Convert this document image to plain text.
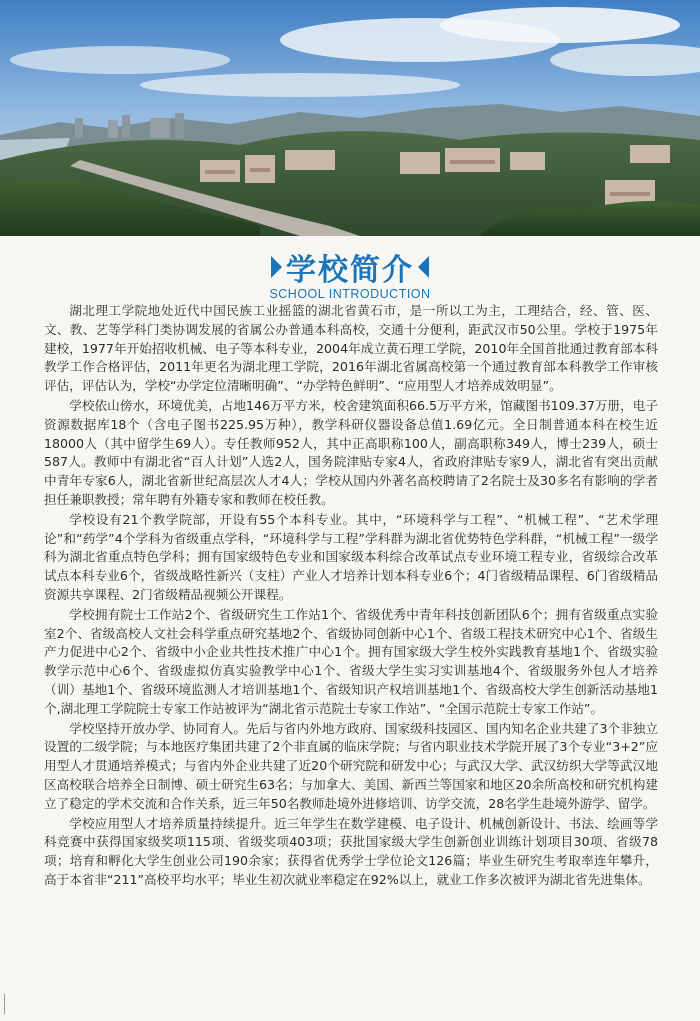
学校简介
SCHOOL INTRODUCTION

湖北理工学院地处近代中国民族工业摇篮的湖北省黄石市，是一所以工为主，工理结合，经、管、医、文、教、艺等学科门类协调发展的省属公办普通本科高校，交通十分便利，距武汉市50公里。学校于1975年建校，1977年开始招收机械、电子等本科专业，2004年成立黄石理工学院，2010年全国首批通过教育部本科教学工作合格评估，2011年更名为湖北理工学院，2016年湖北省属高校第一个通过教育部本科教学工作审核评估，评估认为，学校“办学定位清晰明确”、“办学特色鲜明”、“应用型人才培养成效明显”。

学校依山傍水，环境优美，占地146万平方米，校舍建筑面积66.5万平方米，馆藏图书109.37万册，电子资源数据库18个（含电子图书225.95万种），教学科研仪器设备总值1.69亿元。全日制普通本科在校生近18000人（其中留学生69人）。专任教师952人，其中正高职称100人，副高职称349人，博士239人，硕士587人。教师中有湖北省“百人计划”人选2人，国务院津贴专家4人，省政府津贴专家9人，湖北省有突出贡献中青年专家6人，湖北省新世纪高层次人才4人；学校从国内外著名高校聘请了2名院士及30多名有影响的学者担任兼职教授；常年聘有外籍专家和教师在校任教。

学校设有21个教学院部，开设有55个本科专业。其中，“环境科学与工程”、“机械工程”、“艺术学理论”和“药学”4个学科为省级重点学科，“环境科学与工程”学科群为湖北省优势特色学科群，“机械工程”一级学科为湖北省重点特色学科；拥有国家级特色专业和国家级本科综合改革试点专业环境工程专业，省级综合改革试点本科专业6个，省级战略性新兴（支柱）产业人才培养计划本科专业6个；4门省级精品课程、6门省级精品资源共享课程、2门省级精品视频公开课程。

学校拥有院士工作站2个、省级研究生工作站1个、省级优秀中青年科技创新团队6个；拥有省级重点实验室2个、省级高校人文社会科学重点研究基地2个、省级协同创新中心1个、省级工程技术研究中心1个、省级生产力促进中心2个、省级中小企业共性技术推广中心1个。拥有国家级大学生校外实践教育基地1个、省级实验教学示范中心6个、省级虚拟仿真实验教学中心1个、省级大学生实习实训基地4个、省级服务外包人才培养（训）基地1个、省级环境监测人才培训基地1个、省级知识产权培训基地1个、省级高校大学生创新活动基地1个,湖北理工学院院士专家工作站被评为“湖北省示范院士专家工作站”、“全国示范院士专家工作站”。

学校坚持开放办学、协同育人。先后与省内外地方政府、国家级科技园区、国内知名企业共建了3个非独立设置的二级学院；与本地医疗集团共建了2个非直属的临床学院；与省内职业技术学院开展了3个专业“3+2”应用型人才贯通培养模式；与省内外企业共建了近20个研究院和研发中心；与武汉大学、武汉纺织大学等武汉地区高校联合培养全日制博、硕士研究生63名；与加拿大、美国、新西兰等国家和地区20余所高校和研究机构建立了稳定的学术交流和合作关系，近三年50名教师赴境外进修培训、访学交流，28名学生赴境外游学、留学。

学校应用型人才培养质量持续提升。近三年学生在数学建模、电子设计、机械创新设计、书法、绘画等学科竞赛中获得国家级奖项115项、省级奖项403项；获批国家级大学生创新创业训练计划项目30项、省级78项；培育和孵化大学生创业公司190余家；获得省优秀学士学位论文126篇；毕业生研究生考取率连年攀升，高于本省非“211”高校平均水平；毕业生初次就业率稳定在92%以上，就业工作多次被评为湖北省先进集体。
